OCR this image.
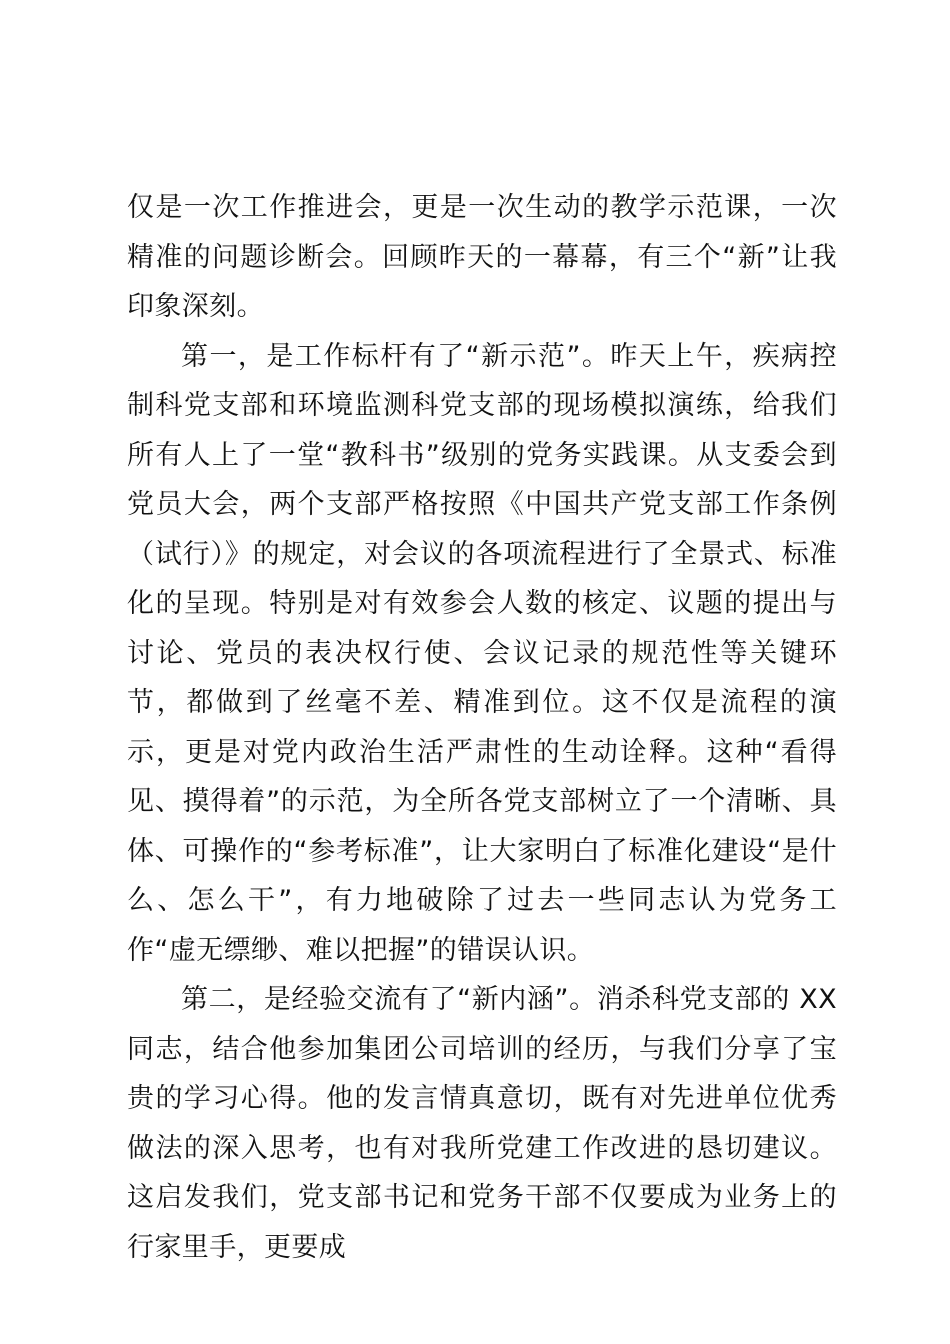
仅是一次工作推进会，更是一次生动的教学示范课，一次精准的问题诊断会。回顾昨天的一幕幕，有三个“新”让我印象深刻。

第一，是工作标杆有了“新示范”。昨天上午，疾病控制科党支部和环境监测科党支部的现场模拟演练，给我们所有人上了一堂“教科书”级别的党务实践课。从支委会到党员大会，两个支部严格按照《中国共产党支部工作条例（试行）》的规定，对会议的各项流程进行了全景式、标准化的呈现。特别是对有效参会人数的核定、议题的提出与讨论、党员的表决权行使、会议记录的规范性等关键环节，都做到了丝毫不差、精准到位。这不仅是流程的演示，更是对党内政治生活严肃性的生动诠释。这种“看得见、摸得着”的示范，为全所各党支部树立了一个清晰、具体、可操作的“参考标准”，让大家明白了标准化建设“是什么、怎么干”，有力地破除了过去一些同志认为党务工作“虚无缥缈、难以把握”的错误认识。

第二，是经验交流有了“新内涵”。消杀科党支部的 XX 同志，结合他参加集团公司培训的经历，与我们分享了宝贵的学习心得。他的发言情真意切，既有对先进单位优秀做法的深入思考，也有对我所党建工作改进的恳切建议。这启发我们，党支部书记和党务干部不仅要成为业务上的行家里手，更要成
